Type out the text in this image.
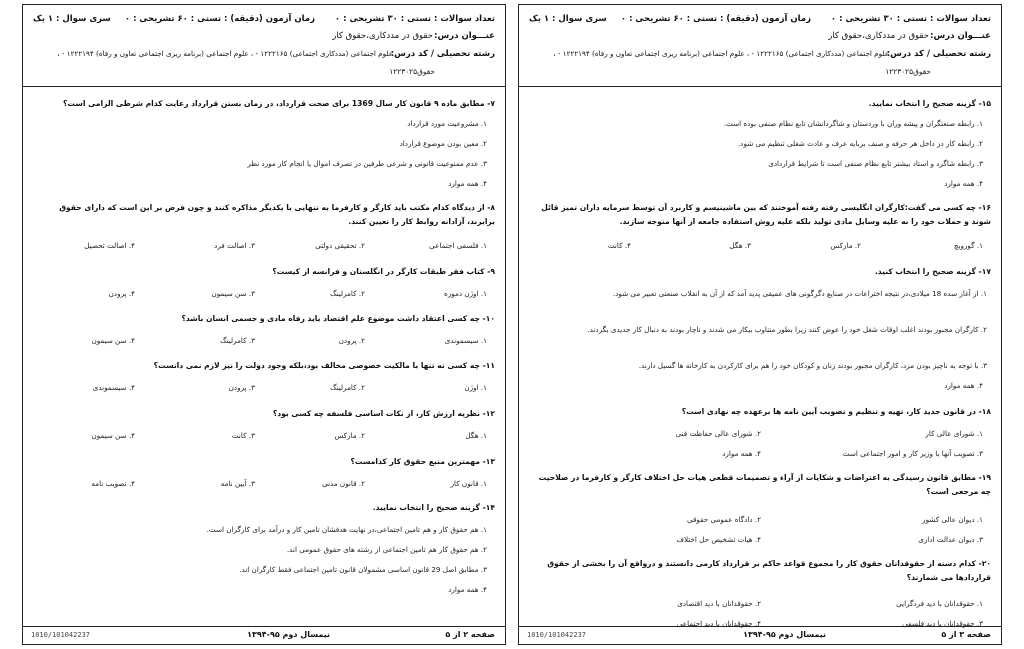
تعداد سوالات : تستی : ۳۰ تشریحی : ۰
زمان آزمون (دقیقه) : تستی : ۶۰ تشریحی : ۰
سری سوال : ۱ یک
عنـــوان درس:
حقوق در مددکاری،حقوق کار
رشته تحصیلی / کد درس:
علوم اجتماعی (مددکاری اجتماعی) ۱۲۲۲۱۶۵ - ، علوم اجتماعی (برنامه ریزی اجتماعی تعاون و رفاه) ۱۲۲۲۱۹۴ - ،
حقوق۱۲۲۳۰۲۵
۷- مطابق ماده ۹ قانون کار سال 1369 برای صحت قرارداد، در زمان بستن قرارداد رعایت کدام شرطی الزامی است؟
۱. مشروعیت مورد قرارداد
۲. معین بودن موضوع قرارداد
۳. عدم ممنوعیت قانونی و شرعی طرفین در تصرف اموال یا انجام کار مورد نظر
۴. همه موارد
۸- از دیدگاه کدام مکتب باید کارگر و کارفرما به تنهایی با یکدیگر مذاکره کنند و چون فرض بر این است که دارای حقوق برابرند، آزادانه روابط کار را تعیین کنند.
۱. فلسفی اجتماعی
۲. تحقیقی دولتی
۳. اصالت فرد
۴. اصالت تحصیل
۹- کتاب فقر طبقات کارگر در انگلستان و فرانسه از کیست؟
۱. اوژن دموره
۲. کامرلینگ
۳. سن سیمون
۴. پرودن
۱۰- چه کسی اعتقاد داشت موضوع علم اقتصاد باید رفاه مادی و جسمی انسان باشد؟
۱. سیسموندی
۲. پرودن
۳. کامرلینگ
۴. سن سیمون
۱۱- چه کسی نه تنها با مالکیت خصوصی مخالف بود،بلکه وجود دولت را نیز لازم نمی دانست؟
۱. اوژن
۲. کامرلینگ
۳. پرودن
۴. سیسموندی
۱۲- نظریه ارزش کار، از نکات اساسی فلسفه چه کسی بود؟
۱. هگل
۲. مارکس
۳. کانت
۴. سن سیمون
۱۳- مهمترین منبع حقوق کار کدامست؟
۱. قانون کار
۲. قانون مدنی
۳. آیین نامه
۴. تصویب نامه
۱۴- گزینه صحیح را انتخاب نمایید.
۱. هم حقوق کار و هم تامین اجتماعی،در نهایت هدفشان تامین کار و درآمد برای کارگران است.
۲. هم حقوق کار هم تامین اجتماعی از رشته های حقوق عمومی اند.
۳. مطابق اصل 29 قانون اساسی مشمولان قانون تامین اجتماعی فقط کارگران اند.
۴. همه موارد
صفحه ۲ از ۵
نیمسال دوم ۹۵-۱۳۹۴
1010/101042237
تعداد سوالات : تستی : ۳۰ تشریحی : ۰
زمان آزمون (دقیقه) : تستی : ۶۰ تشریحی : ۰
سری سوال : ۱ یک
عنـــوان درس:
حقوق در مددکاری،حقوق کار
رشته تحصیلی / کد درس:
علوم اجتماعی (مددکاری اجتماعی) ۱۲۲۲۱۶۵ - ، علوم اجتماعی (برنامه ریزی اجتماعی تعاون و رفاه) ۱۲۲۲۱۹۴ - ،
حقوق۱۲۲۳۰۲۵
۱۵- گزینه صحیح را انتخاب نمایید.
۱. رابطه صنعتگران و پیشه وران با وردستان و شاگردانشان تابع نظام صنفی بوده است.
۲. رابطه کار در داخل هر حرفه و صنف بربایه عرف و عادت شغلی تنظیم می شود.
۳. رابطه شاگرد و استاد بیشتر تابع نظام صنفی است تا شرایط قراردادی
۴. همه موارد
۱۶- چه کسی می گفت:کارگران انگلیسی رفته رفته آموختند که بین ماشینیسم و کاربرد آن توسط سرمایه داران تمیز قائل شوند و حملات خود را نه علیه وسایل مادی تولید بلکه علیه روش استفاده جامعه از آنها متوجه سازند.
۱. گورویچ
۲. مارکس
۳. هگل
۴. کانت
۱۷- گزینه صحیح را انتخاب کنید.
۱. از آغاز سده 18 میلادی،در نتیجه اختراعات در صنایع دگرگونی های عمیقی پدید آمد که از آن به انقلاب صنعتی تعبیر می شود.
۲. کارگران مجبور بودند اغلب اوقات شغل خود را عوض کنند زیرا بطور متناوب بیکار می شدند و ناچار بودند به دنبال کار جدیدی بگردند.
۳. با توجه به ناچیز بودن مزد، کارگران مجبور بودند زنان و کودکان خود را هم برای کارکردن به کارخانه ها گسیل دارند.
۴. همه موارد
۱۸- در قانون جدید کار، تهیه و تنظیم و تصویب آیین نامه ها برعهده چه نهادی است؟
۱. شورای عالی کار
۲. شورای عالی حفاظت فنی
۳. تصویب آنها با وزیر کار و امور اجتماعی است
۴. همه موارد
۱۹- مطابق قانون رسیدگی به اعتراضات و شکایات از آراء و تصمیمات قطعی هیات حل اختلاف کارگر و کارفرما در صلاحیت چه مرجعی است؟
۱. دیوان عالی کشور
۲. دادگاه عمومی حقوقی
۳. دیوان عدالت اداری
۴. هیات تشخیص حل اختلاف
۲۰- کدام دسته از حقوقدانان حقوق کار را مجموع قواعد حاکم بر قرارداد کارمی دانستند و درواقع آن را بخشی از حقوق قراردادها می شمارند؟
۱. حقوقدانان با دید فردگرایی
۲. حقوقدانان با دید اقتصادی
۳. حقوقدانان با دید فلسفی
۴. حقوقدانان با دید اجتماعی
صفحه ۳ از ۵
نیمسال دوم ۹۵-۱۳۹۴
1010/101042237
